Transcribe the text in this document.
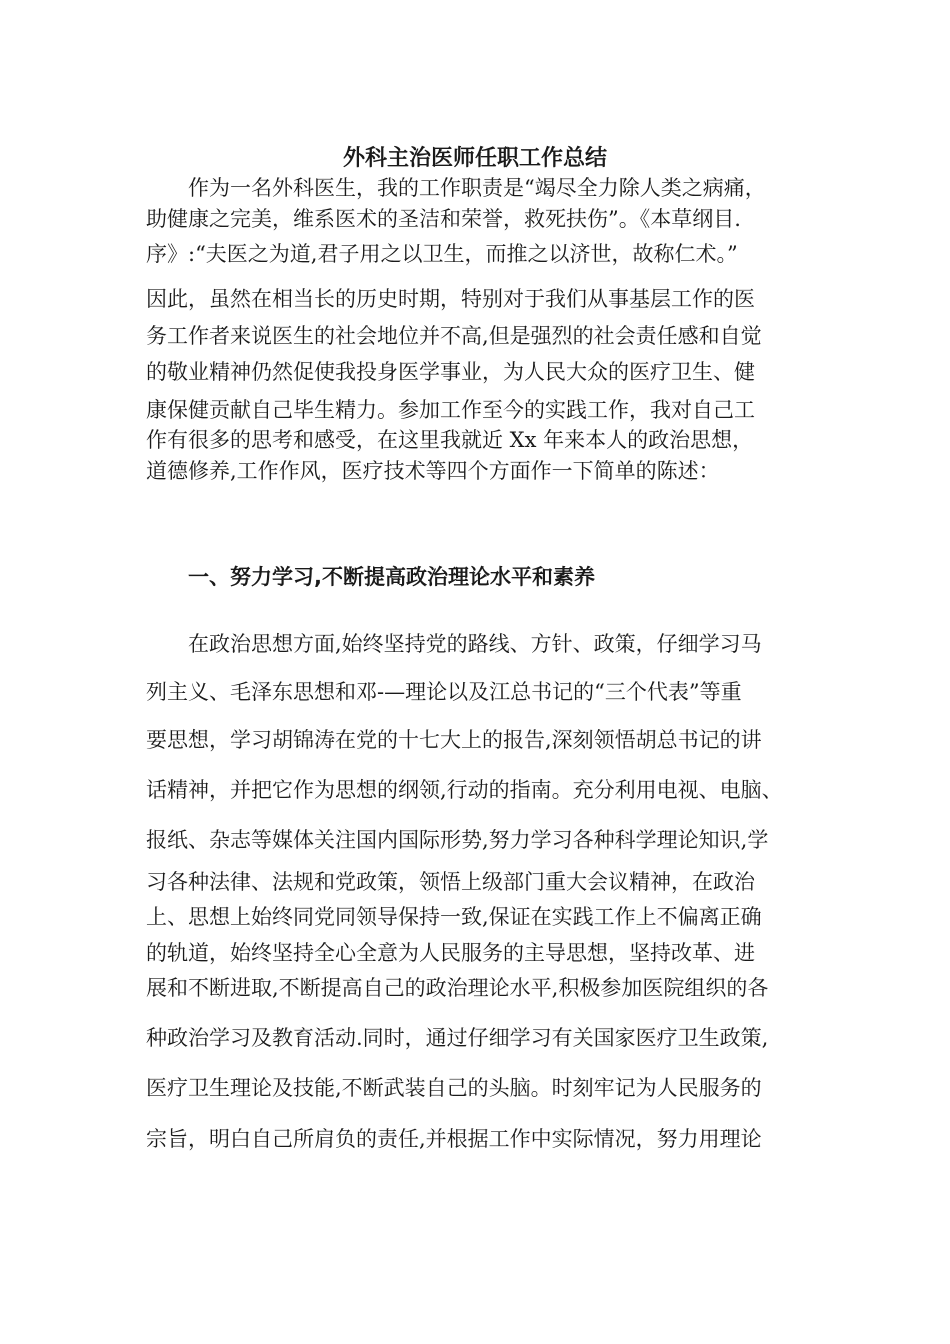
外科主治医师任职工作总结
作为一名外科医生，我的工作职责是“竭尽全力除人类之病痛，
助健康之完美，维系医术的圣洁和荣誉，救死扶伤”。《本草纲目.
序》:“夫医之为道,君子用之以卫生，而推之以济世，故称仁术。”
因此，虽然在相当长的历史时期，特别对于我们从事基层工作的医
务工作者来说医生的社会地位并不高,但是强烈的社会责任感和自觉
的敬业精神仍然促使我投身医学事业，为人民大众的医疗卫生、健
康保健贡献自己毕生精力。参加工作至今的实践工作，我对自己工
作有很多的思考和感受，在这里我就近 Xx 年来本人的政治思想，
道德修养,工作作风，医疗技术等四个方面作一下简单的陈述：
一、努力学习,不断提高政治理论水平和素养
在政治思想方面,始终坚持党的路线、方针、政策，仔细学习马
列主义、毛泽东思想和邓-—理论以及江总书记的“三个代表”等重
要思想，学习胡锦涛在党的十七大上的报告,深刻领悟胡总书记的讲
话精神，并把它作为思想的纲领,行动的指南。充分利用电视、电脑、
报纸、杂志等媒体关注国内国际形势,努力学习各种科学理论知识,学
习各种法律、法规和党政策，领悟上级部门重大会议精神，在政治
上、思想上始终同党同领导保持一致,保证在实践工作上不偏离正确
的轨道，始终坚持全心全意为人民服务的主导思想，坚持改革、进
展和不断进取,不断提高自己的政治理论水平,积极参加医院组织的各
种政治学习及教育活动.同时，通过仔细学习有关国家医疗卫生政策,
医疗卫生理论及技能,不断武装自己的头脑。时刻牢记为人民服务的
宗旨，明白自己所肩负的责任,并根据工作中实际情况，努力用理论
